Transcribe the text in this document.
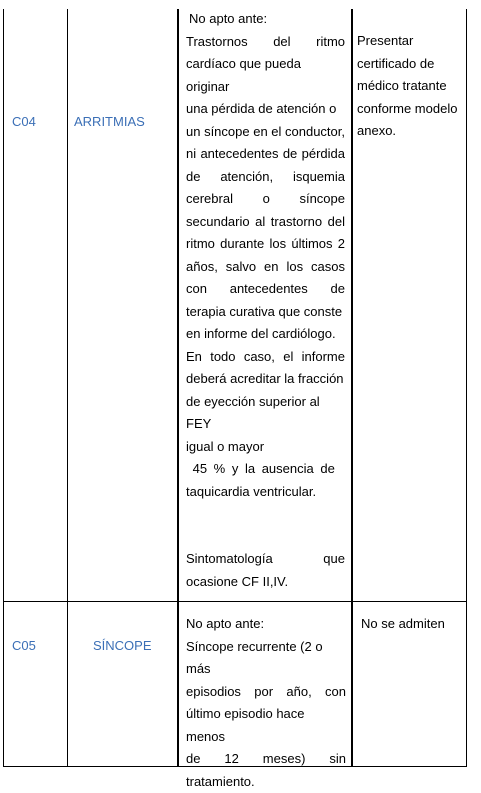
C04	ARRITMIAS
No apto ante:
Trastornos del ritmo
cardíaco que pueda originar
una pérdida de atención o
un síncope en el conductor,
ni antecedentes de pérdida
de atención, isquemia
cerebral o síncope
secundario al trastorno del
ritmo durante los últimos 2
años, salvo en los casos
con antecedentes de
terapia curativa que conste
en informe del cardiólogo.
En todo caso, el informe
deberá acreditar la fracción
de eyección superior al FEY
igual o mayor
45 % y la ausencia de
taquicardia ventricular.
Sintomatología que
ocasione CF II,IV.
Presentar
certificado de
médico tratante
conforme modelo
anexo.
C05	SÍNCOPE
No apto ante:
Síncope recurrente (2 o más
episodios por año, con
último episodio hace menos
de 12 meses) sin
tratamiento.
No se admiten
